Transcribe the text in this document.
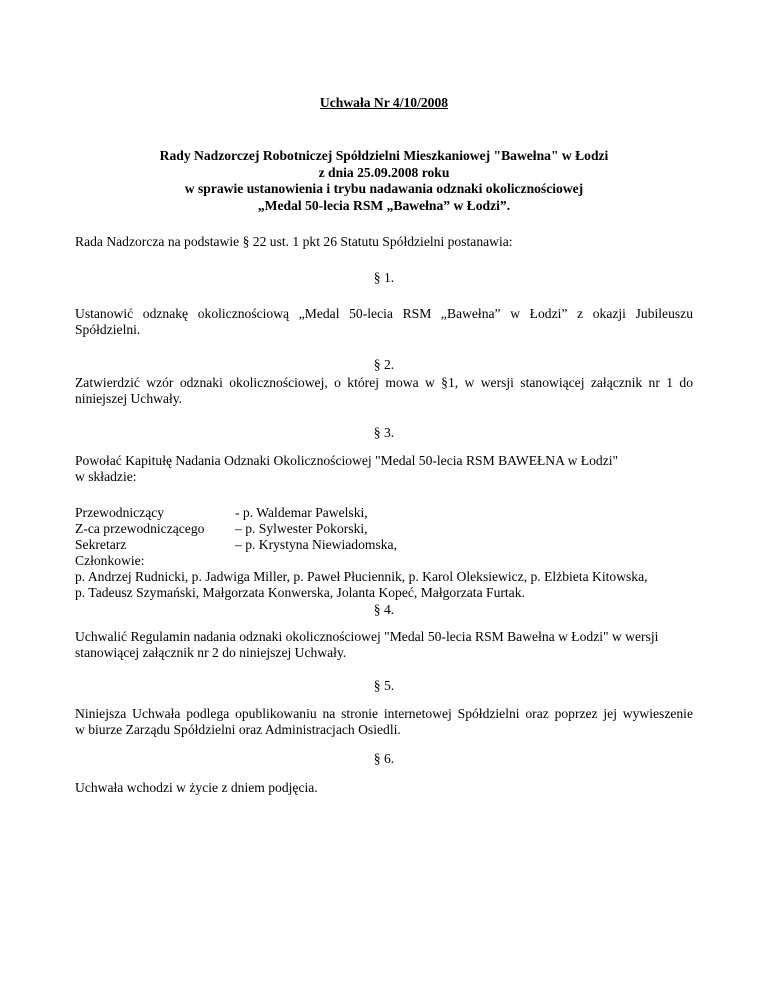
Uchwała Nr 4/10/2008
Rady Nadzorczej Robotniczej Spółdzielni Mieszkaniowej "Bawełna" w Łodzi
z dnia 25.09.2008 roku
w sprawie ustanowienia i trybu nadawania odznaki okolicznościowej
„Medal 50-lecia RSM „Bawełna” w Łodzi”.
Rada Nadzorcza na podstawie § 22 ust. 1 pkt 26 Statutu Spółdzielni postanawia:
§ 1.
Ustanowić odznakę okolicznościową „Medal 50-lecia RSM „Bawełna” w Łodzi” z okazji Jubileuszu
Spółdzielni.
§ 2.
Zatwierdzić wzór odznaki okolicznościowej, o której mowa w §1, w wersji stanowiącej załącznik nr 1 do
niniejszej Uchwały.
§ 3.
Powołać Kapitułę Nadania Odznaki Okolicznościowej "Medal 50-lecia RSM BAWEŁNA w Łodzi"
w składzie:
Przewodniczący	- p. Waldemar Pawelski,
Z-ca przewodniczącego – p. Sylwester Pokorski,
Sekretarz	– p. Krystyna Niewiadomska,
Członkowie:
p. Andrzej Rudnicki, p. Jadwiga Miller, p. Paweł Płuciennik, p. Karol Oleksiewicz, p. Elżbieta Kitowska,
p. Tadeusz Szymański, Małgorzata Konwerska, Jolanta Kopeć, Małgorzata Furtak.
§ 4.
Uchwalić Regulamin nadania odznaki okolicznościowej "Medal 50-lecia RSM Bawełna w Łodzi" w wersji
stanowiącej załącznik nr 2 do niniejszej Uchwały.
§ 5.
Niniejsza Uchwała podlega opublikowaniu na stronie internetowej Spółdzielni oraz poprzez jej wywieszenie
w biurze Zarządu Spółdzielni oraz Administracjach Osiedli.
§ 6.
Uchwała wchodzi w życie z dniem podjęcia.
